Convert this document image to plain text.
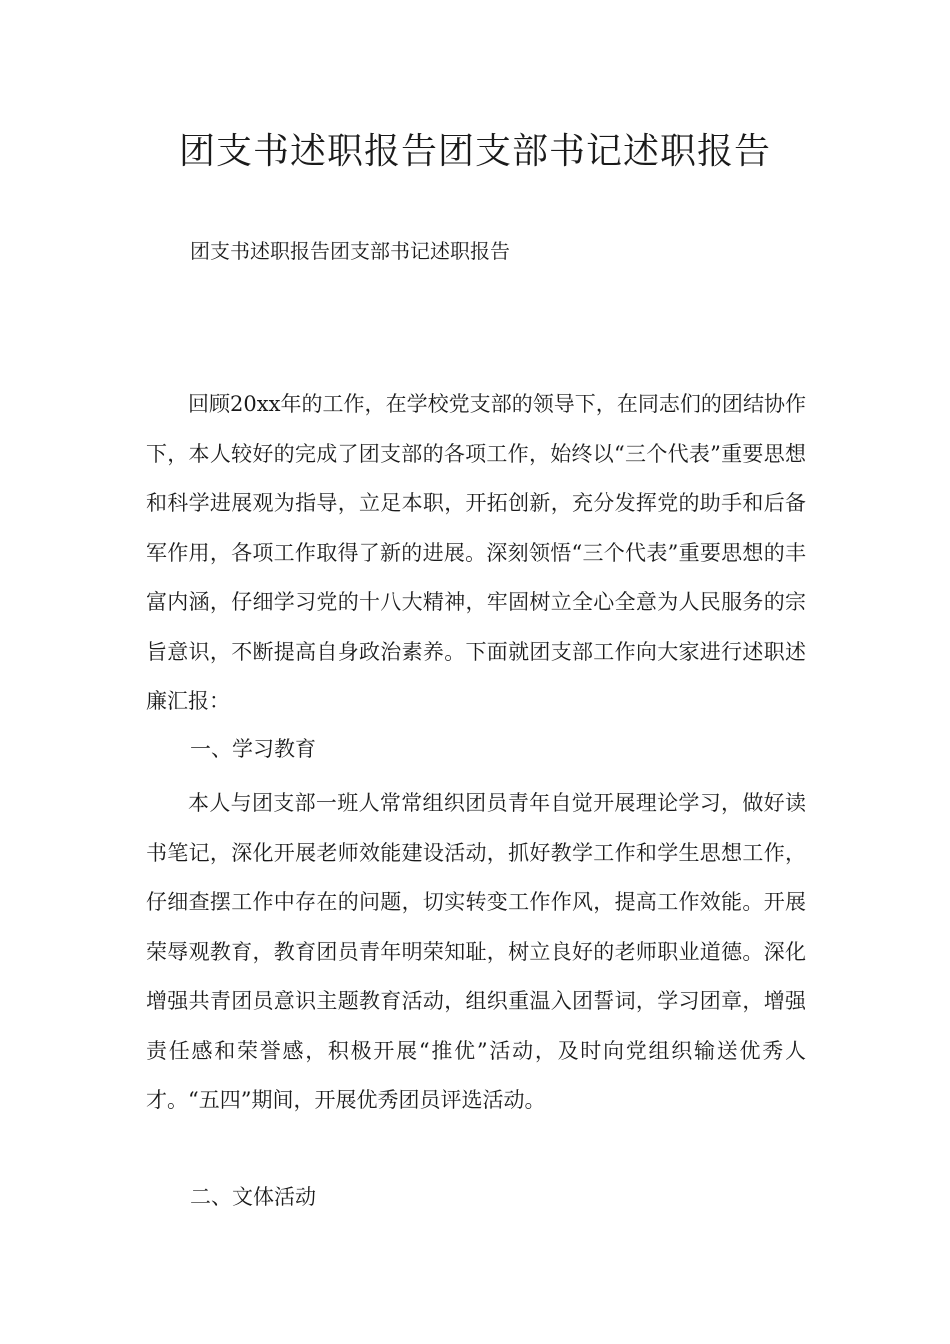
团支书述职报告团支部书记述职报告

团支书述职报告团支部书记述职报告

回顾20xx年的工作，在学校党支部的领导下，在同志们的团结协作下，本人较好的完成了团支部的各项工作，始终以“三个代表”重要思想和科学进展观为指导，立足本职，开拓创新，充分发挥党的助手和后备军作用，各项工作取得了新的进展。深刻领悟“三个代表”重要思想的丰富内涵，仔细学习党的十八大精神，牢固树立全心全意为人民服务的宗旨意识，不断提高自身政治素养。下面就团支部工作向大家进行述职述廉汇报：

一、学习教育

本人与团支部一班人常常组织团员青年自觉开展理论学习，做好读书笔记，深化开展老师效能建设活动，抓好教学工作和学生思想工作，仔细查摆工作中存在的问题，切实转变工作作风，提高工作效能。开展荣辱观教育，教育团员青年明荣知耻，树立良好的老师职业道德。深化增强共青团员意识主题教育活动，组织重温入团誓词，学习团章，增强责任感和荣誉感，积极开展“推优”活动，及时向党组织输送优秀人才。“五四”期间，开展优秀团员评选活动。

二、文体活动
